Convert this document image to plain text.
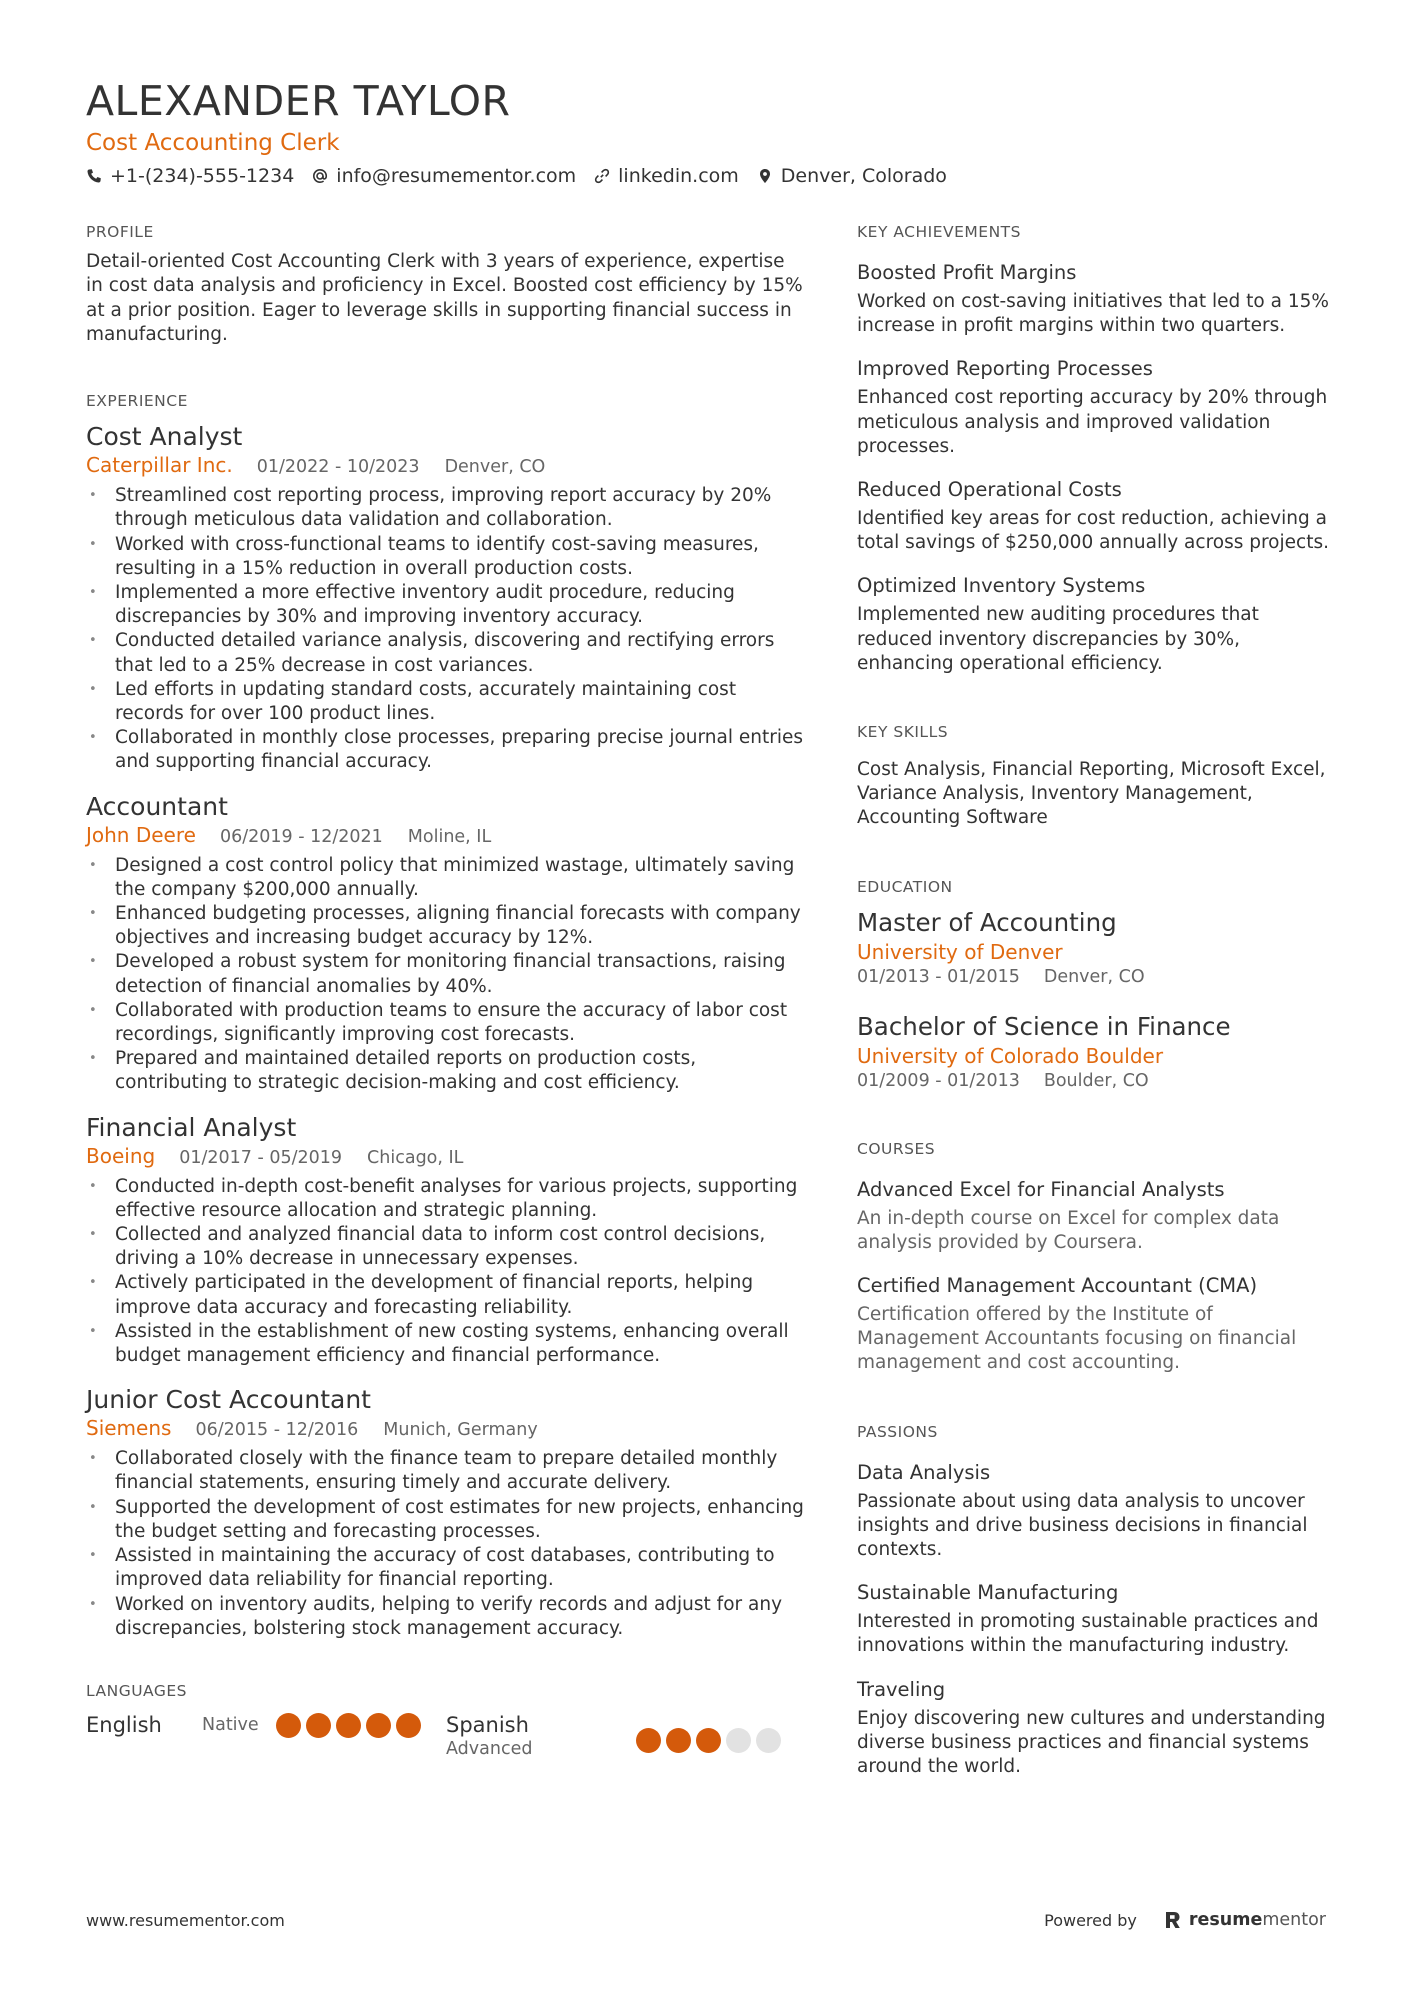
ALEXANDER TAYLOR
Cost Accounting Clerk
+1-(234)-555-1234 info@resumementor.com linkedin.com Denver, Colorado
PROFILE
Detail-oriented Cost Accounting Clerk with 3 years of experience, expertise in cost data analysis and proficiency in Excel. Boosted cost efficiency by 15% at a prior position. Eager to leverage skills in supporting financial success in manufacturing.
EXPERIENCE
Cost Analyst
Caterpillar Inc. 01/2022 - 10/2023 Denver, CO
• Streamlined cost reporting process, improving report accuracy by 20% through meticulous data validation and collaboration.
• Worked with cross-functional teams to identify cost-saving measures, resulting in a 15% reduction in overall production costs.
• Implemented a more effective inventory audit procedure, reducing discrepancies by 30% and improving inventory accuracy.
• Conducted detailed variance analysis, discovering and rectifying errors that led to a 25% decrease in cost variances.
• Led efforts in updating standard costs, accurately maintaining cost records for over 100 product lines.
• Collaborated in monthly close processes, preparing precise journal entries and supporting financial accuracy.
Accountant
John Deere 06/2019 - 12/2021 Moline, IL
• Designed a cost control policy that minimized wastage, ultimately saving the company $200,000 annually.
• Enhanced budgeting processes, aligning financial forecasts with company objectives and increasing budget accuracy by 12%.
• Developed a robust system for monitoring financial transactions, raising detection of financial anomalies by 40%.
• Collaborated with production teams to ensure the accuracy of labor cost recordings, significantly improving cost forecasts.
• Prepared and maintained detailed reports on production costs, contributing to strategic decision-making and cost efficiency.
Financial Analyst
Boeing 01/2017 - 05/2019 Chicago, IL
• Conducted in-depth cost-benefit analyses for various projects, supporting effective resource allocation and strategic planning.
• Collected and analyzed financial data to inform cost control decisions, driving a 10% decrease in unnecessary expenses.
• Actively participated in the development of financial reports, helping improve data accuracy and forecasting reliability.
• Assisted in the establishment of new costing systems, enhancing overall budget management efficiency and financial performance.
Junior Cost Accountant
Siemens 06/2015 - 12/2016 Munich, Germany
• Collaborated closely with the finance team to prepare detailed monthly financial statements, ensuring timely and accurate delivery.
• Supported the development of cost estimates for new projects, enhancing the budget setting and forecasting processes.
• Assisted in maintaining the accuracy of cost databases, contributing to improved data reliability for financial reporting.
• Worked on inventory audits, helping to verify records and adjust for any discrepancies, bolstering stock management accuracy.
LANGUAGES
English	Native	Spanish
Advanced
KEY ACHIEVEMENTS
Boosted Profit Margins
Worked on cost-saving initiatives that led to a 15% increase in profit margins within two quarters.
Improved Reporting Processes
Enhanced cost reporting accuracy by 20% through meticulous analysis and improved validation processes.
Reduced Operational Costs
Identified key areas for cost reduction, achieving a total savings of $250,000 annually across projects.
Optimized Inventory Systems
Implemented new auditing procedures that reduced inventory discrepancies by 30%, enhancing operational efficiency.
KEY SKILLS
Cost Analysis, Financial Reporting, Microsoft Excel, Variance Analysis, Inventory Management, Accounting Software
EDUCATION
Master of Accounting
University of Denver
01/2013 - 01/2015 Denver, CO
Bachelor of Science in Finance
University of Colorado Boulder
01/2009 - 01/2013 Boulder, CO
COURSES
Advanced Excel for Financial Analysts
An in-depth course on Excel for complex data analysis provided by Coursera.
Certified Management Accountant (CMA)
Certification offered by the Institute of Management Accountants focusing on financial management and cost accounting.
PASSIONS
Data Analysis
Passionate about using data analysis to uncover insights and drive business decisions in financial contexts.
Sustainable Manufacturing
Interested in promoting sustainable practices and innovations within the manufacturing industry.
Traveling
Enjoy discovering new cultures and understanding diverse business practices and financial systems around the world.
www.resumementor.com	Powered by	resumementor
